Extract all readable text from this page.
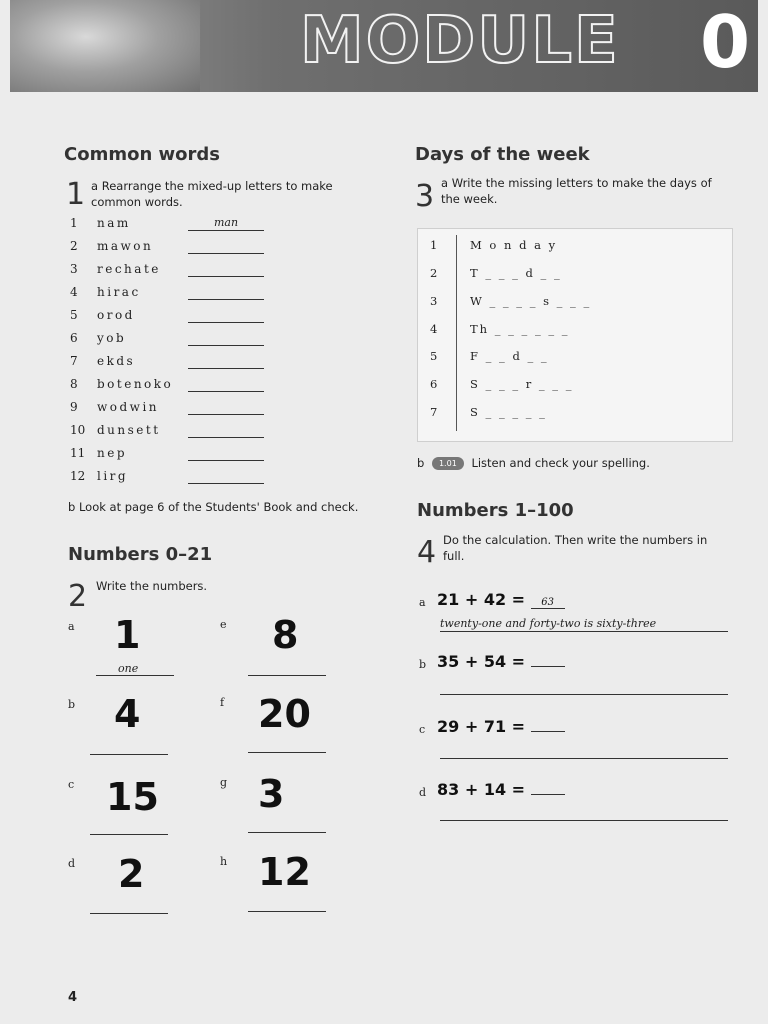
MODULE 0
Common words
1 a Rearrange the mixed-up letters to make common words.
1 nam	man
2 mawon
3 rechate
4 hirac
5 orod
6 yob
7 ekds
8 botenoko
9 wodwin
10 dunsett
11 nep
12 lirg
b Look at page 6 of the Students' Book and check.
Numbers 0–21
2 Write the numbers.
a 1
one
b 4
c 15
d 2
e 8
f 20
g 3
h 12
Days of the week
3 a Write the missing letters to make the days of the week.
1	M o n d a y
2	T _ _ _ d _ _
3	W _ _ _ _ s _ _ _
4	Th _ _ _ _ _ _
5	F _ _ d _ _
6	S _ _ _ r _ _ _
7	S _ _ _ _ _
b 1.01 Listen and check your spelling.
Numbers 1–100
4 Do the calculation. Then write the numbers in full.
a 21 + 42 = 63
twenty-one and forty-two is sixty-three
b 35 + 54 =
c 29 + 71 =
d 83 + 14 =
4
